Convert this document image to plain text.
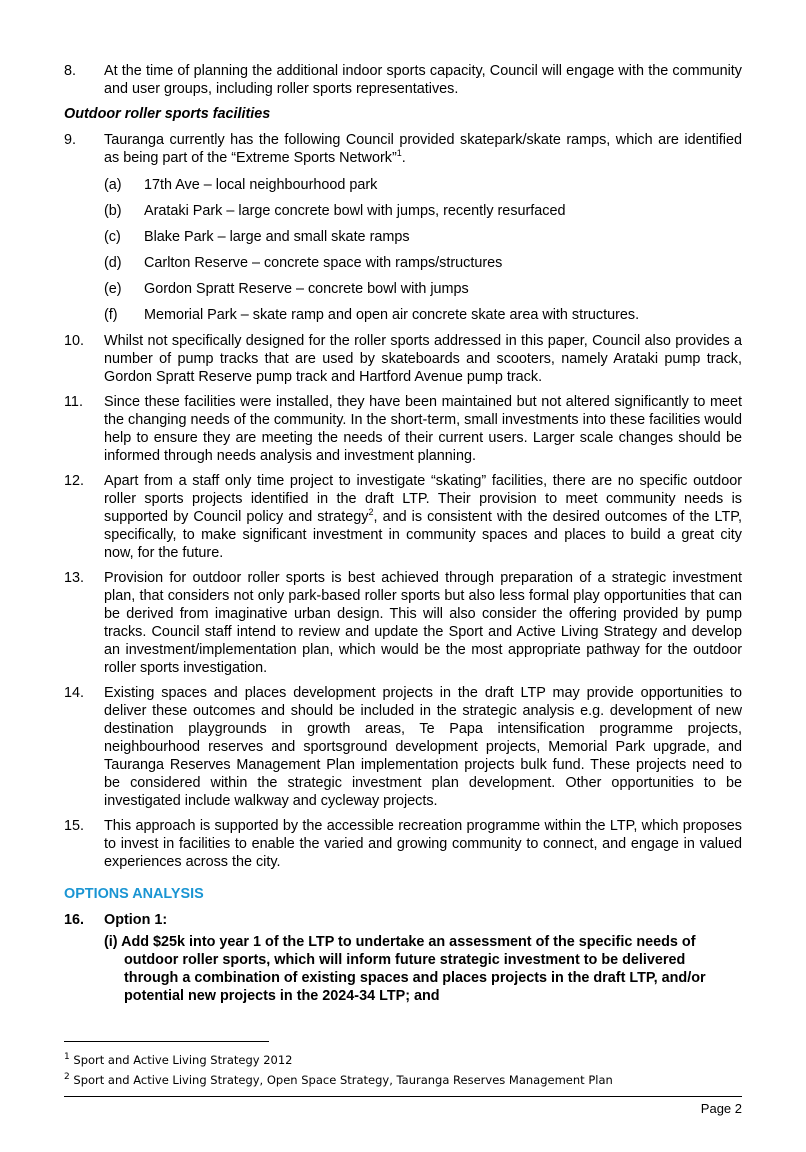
8. At the time of planning the additional indoor sports capacity, Council will engage with the community and user groups, including roller sports representatives.

Outdoor roller sports facilities

9. Tauranga currently has the following Council provided skatepark/skate ramps, which are identified as being part of the “Extreme Sports Network”$^1$.

(a) 17th Ave – local neighbourhood park
(b) Arataki Park – large concrete bowl with jumps, recently resurfaced
(c) Blake Park – large and small skate ramps
(d) Carlton Reserve – concrete space with ramps/structures
(e) Gordon Spratt Reserve – concrete bowl with jumps
(f) Memorial Park – skate ramp and open air concrete skate area with structures.

10. Whilst not specifically designed for the roller sports addressed in this paper, Council also provides a number of pump tracks that are used by skateboards and scooters, namely Arataki pump track, Gordon Spratt Reserve pump track and Hartford Avenue pump track.

11. Since these facilities were installed, they have been maintained but not altered significantly to meet the changing needs of the community. In the short-term, small investments into these facilities would help to ensure they are meeting the needs of their current users. Larger scale changes should be informed through needs analysis and investment planning.

12. Apart from a staff only time project to investigate “skating” facilities, there are no specific outdoor roller sports projects identified in the draft LTP. Their provision to meet community needs is supported by Council policy and strategy$^2$, and is consistent with the desired outcomes of the LTP, specifically, to make significant investment in community spaces and places to build a great city now, for the future.

13. Provision for outdoor roller sports is best achieved through preparation of a strategic investment plan, that considers not only park-based roller sports but also less formal play opportunities that can be derived from imaginative urban design. This will also consider the offering provided by pump tracks. Council staff intend to review and update the Sport and Active Living Strategy and develop an investment/implementation plan, which would be the most appropriate pathway for the outdoor roller sports investigation.

14. Existing spaces and places development projects in the draft LTP may provide opportunities to deliver these outcomes and should be included in the strategic analysis e.g. development of new destination playgrounds in growth areas, Te Papa intensification programme projects, neighbourhood reserves and sportsground development projects, Memorial Park upgrade, and Tauranga Reserves Management Plan implementation projects bulk fund. These projects need to be considered within the strategic investment plan development. Other opportunities to be investigated include walkway and cycleway projects.

15. This approach is supported by the accessible recreation programme within the LTP, which proposes to invest in facilities to enable the varied and growing community to connect, and engage in valued experiences across the city.

OPTIONS ANALYSIS

16. Option 1:

(i) Add $25k into year 1 of the LTP to undertake an assessment of the specific needs of outdoor roller sports, which will inform future strategic investment to be delivered through a combination of existing spaces and places projects in the draft LTP, and/or potential new projects in the 2024-34 LTP; and
$^1$ Sport and Active Living Strategy 2012
$^2$ Sport and Active Living Strategy, Open Space Strategy, Tauranga Reserves Management Plan
Page 2
